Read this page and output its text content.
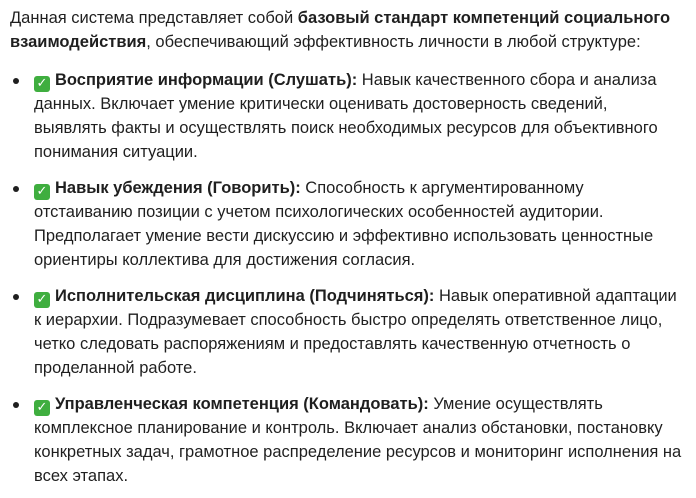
Данная система представляет собой базовый стандарт компетенций социального взаимодействия, обеспечивающий эффективность личности в любой структуре:

✓ Восприятие информации (Слушать): Навык качественного сбора и анализа данных. Включает умение критически оценивать достоверность сведений, выявлять факты и осуществлять поиск необходимых ресурсов для объективного понимания ситуации.
✓ Навык убеждения (Говорить): Способность к аргументированному отстаиванию позиции с учетом психологических особенностей аудитории. Предполагает умение вести дискуссию и эффективно использовать ценностные ориентиры коллектива для достижения согласия.
✓ Исполнительская дисциплина (Подчиняться): Навык оперативной адаптации к иерархии. Подразумевает способность быстро определять ответственное лицо, четко следовать распоряжениям и предоставлять качественную отчетность о проделанной работе.
✓ Управленческая компетенция (Командовать): Умение осуществлять комплексное планирование и контроль. Включает анализ обстановки, постановку конкретных задач, грамотное распределение ресурсов и мониторинг исполнения на всех этапах.
